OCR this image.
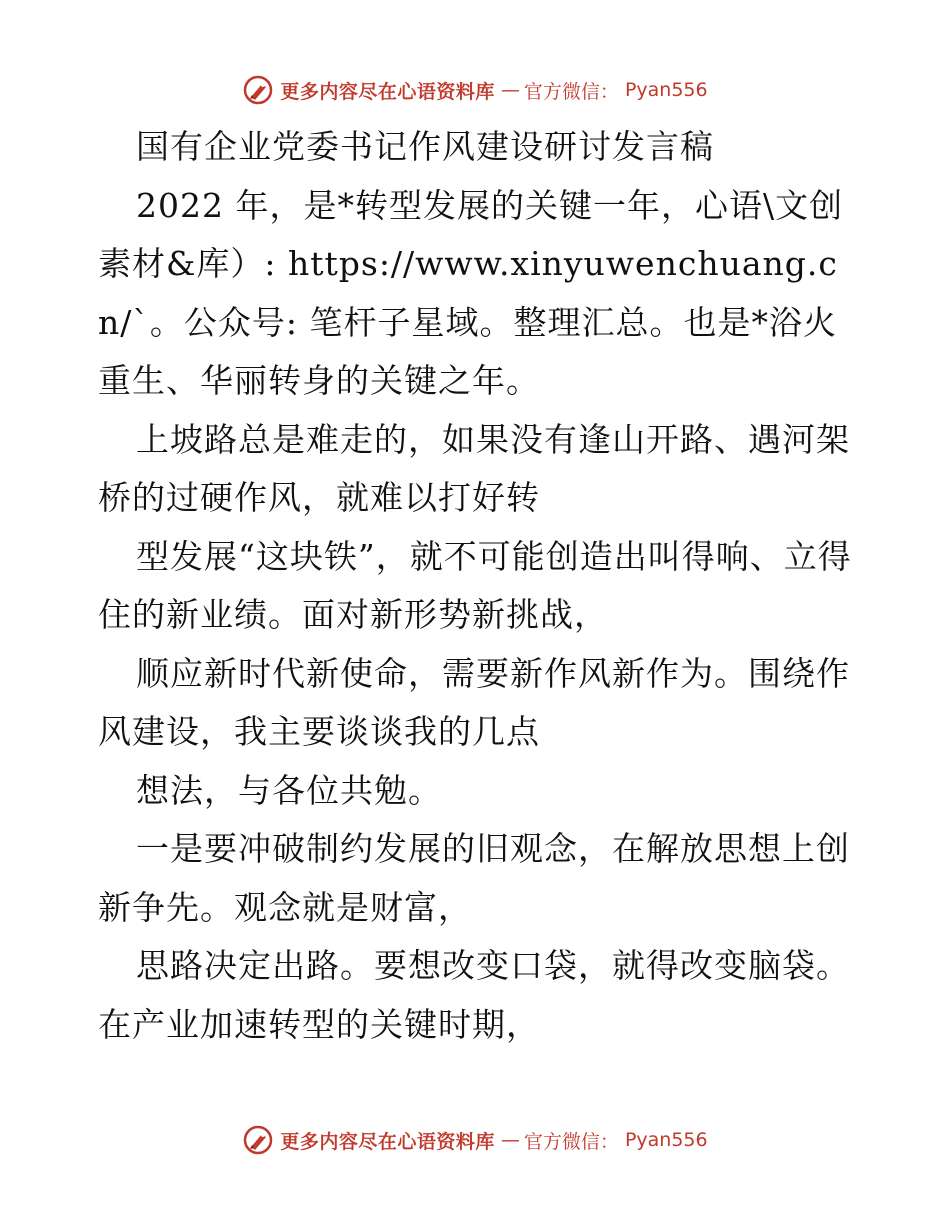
更多内容尽在心语资料库 — 官方微信： Pyan556

国有企业党委书记作风建设研讨发言稿

2022 年，是*转型发展的关键一年，心语\文创素材&库）: https://www.xinyuwenchuang.cn/`。公众号: 笔杆子星域。整理汇总。也是*浴火重生、华丽转身的关键之年。

上坡路总是难走的，如果没有逢山开路、遇河架桥的过硬作风，就难以打好转

型发展“这块铁”，就不可能创造出叫得响、立得住的新业绩。面对新形势新挑战，

顺应新时代新使命，需要新作风新作为。围绕作风建设，我主要谈谈我的几点

想法，与各位共勉。

一是要冲破制约发展的旧观念，在解放思想上创新争先。观念就是财富，

思路决定出路。要想改变口袋，就得改变脑袋。在产业加速转型的关键时期，

更多内容尽在心语资料库 — 官方微信： Pyan556
